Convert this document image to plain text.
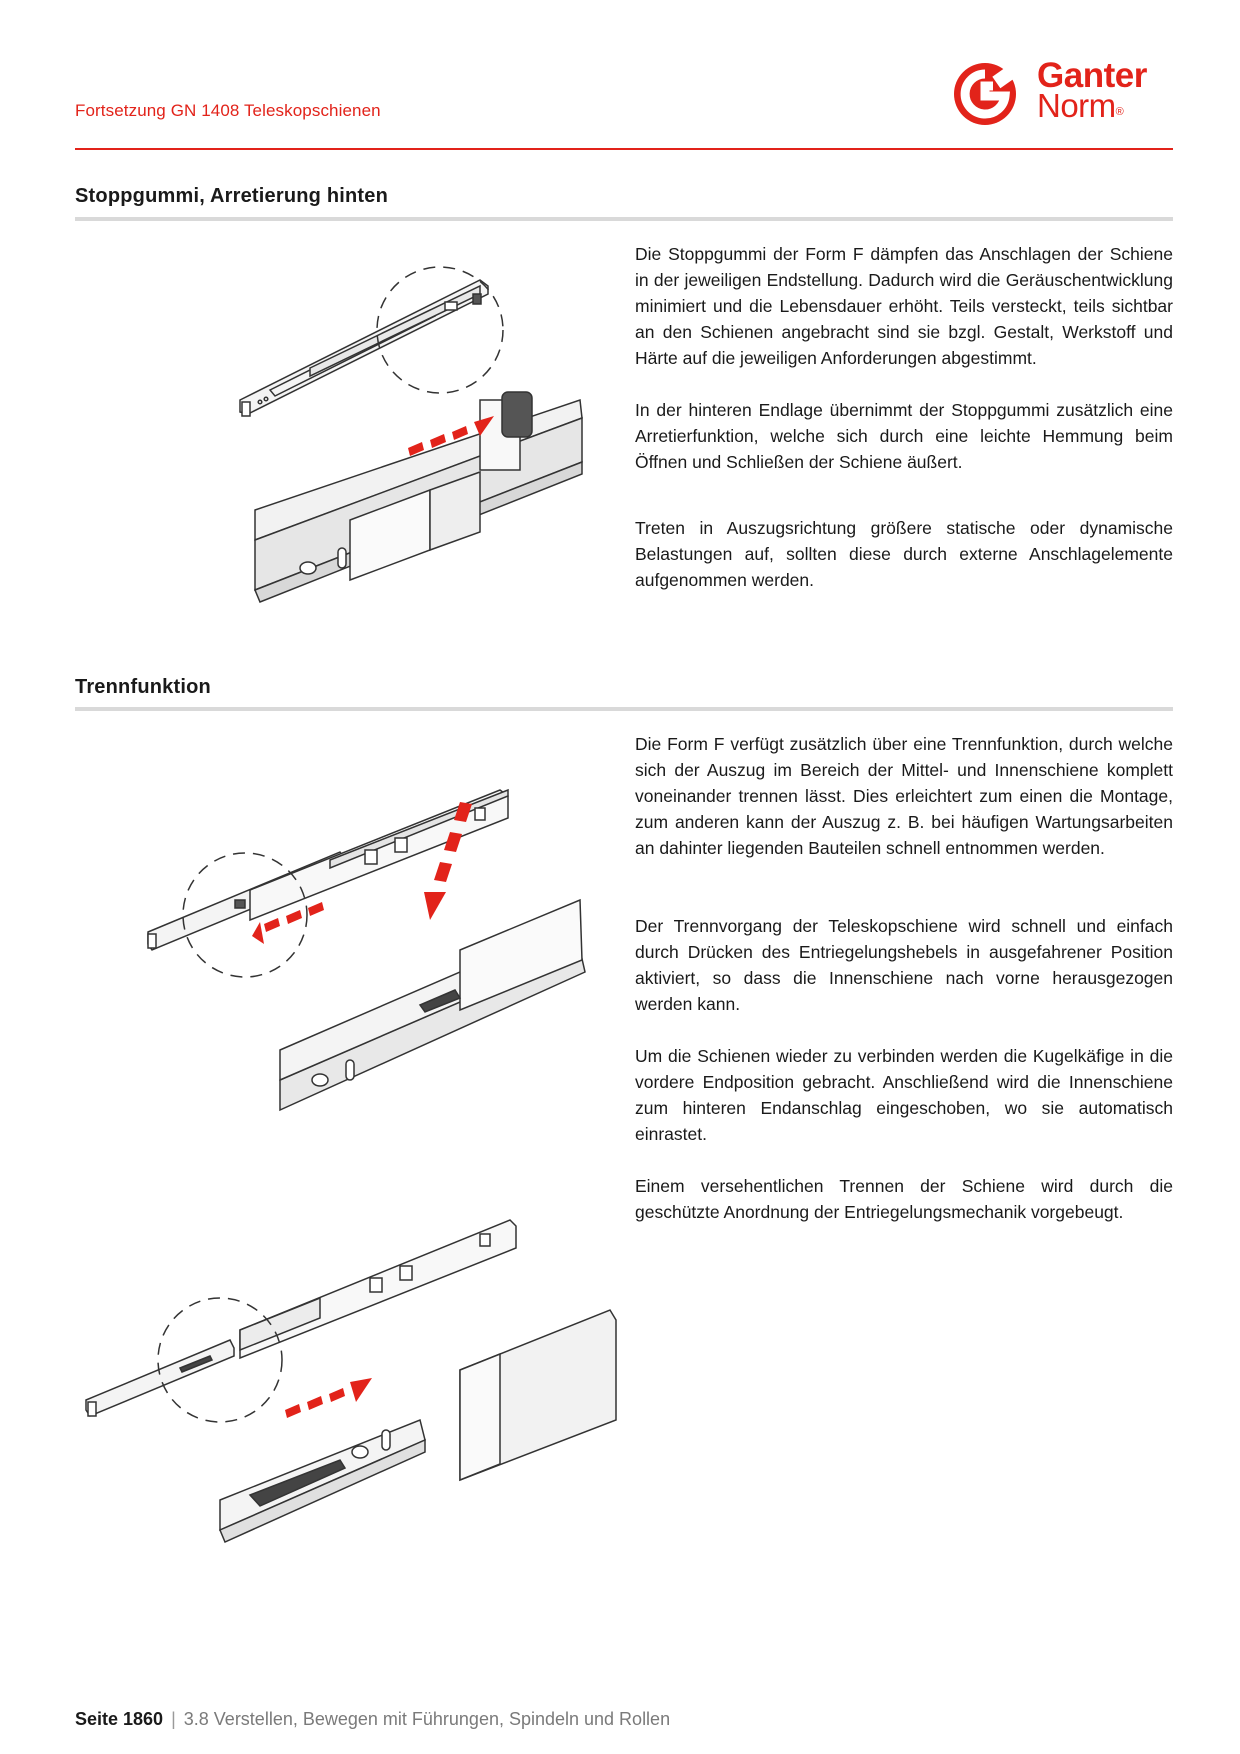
Fortsetzung GN 1408 Teleskopschienen
Ganter
Norm®
Stoppgummi, Arretierung hinten
Die Stoppgummi der Form F dämpfen das Anschlagen der Schiene in der jeweiligen Endstellung. Dadurch wird die Geräuschentwicklung minimiert und die Lebensdauer erhöht. Teils versteckt, teils sichtbar an den Schienen angebracht sind sie bzgl. Gestalt, Werkstoff und Härte auf die jeweiligen Anforderungen abgestimmt.
In der hinteren Endlage übernimmt der Stoppgummi zusätzlich eine Arretierfunktion, welche sich durch eine leichte Hemmung beim Öffnen und Schließen der Schiene äußert.
Treten in Auszugsrichtung größere statische oder dynamische Belastungen auf, sollten diese durch externe Anschlagelemente aufgenommen werden.
Trennfunktion
Die Form F verfügt zusätzlich über eine Trennfunktion, durch welche sich der Auszug im Bereich der Mittel- und Innenschiene komplett voneinander trennen lässt. Dies erleichtert zum einen die Montage, zum anderen kann der Auszug z. B. bei häufigen Wartungsarbeiten an dahinter liegenden Bauteilen schnell entnommen werden.
Der Trennvorgang der Teleskopschiene wird schnell und einfach durch Drücken des Entriegelungshebels in ausgefahrener Position aktiviert, so dass die Innenschiene nach vorne herausgezogen werden kann.
Um die Schienen wieder zu verbinden werden die Kugelkäfige in die vordere Endposition gebracht. Anschließend wird die Innenschiene zum hinteren Endanschlag eingeschoben, wo sie automatisch einrastet.
Einem versehentlichen Trennen der Schiene wird durch die geschützte Anordnung der Entriegelungsmechanik vorgebeugt.
Seite 1860 | 3.8 Verstellen, Bewegen mit Führungen, Spindeln und Rollen
